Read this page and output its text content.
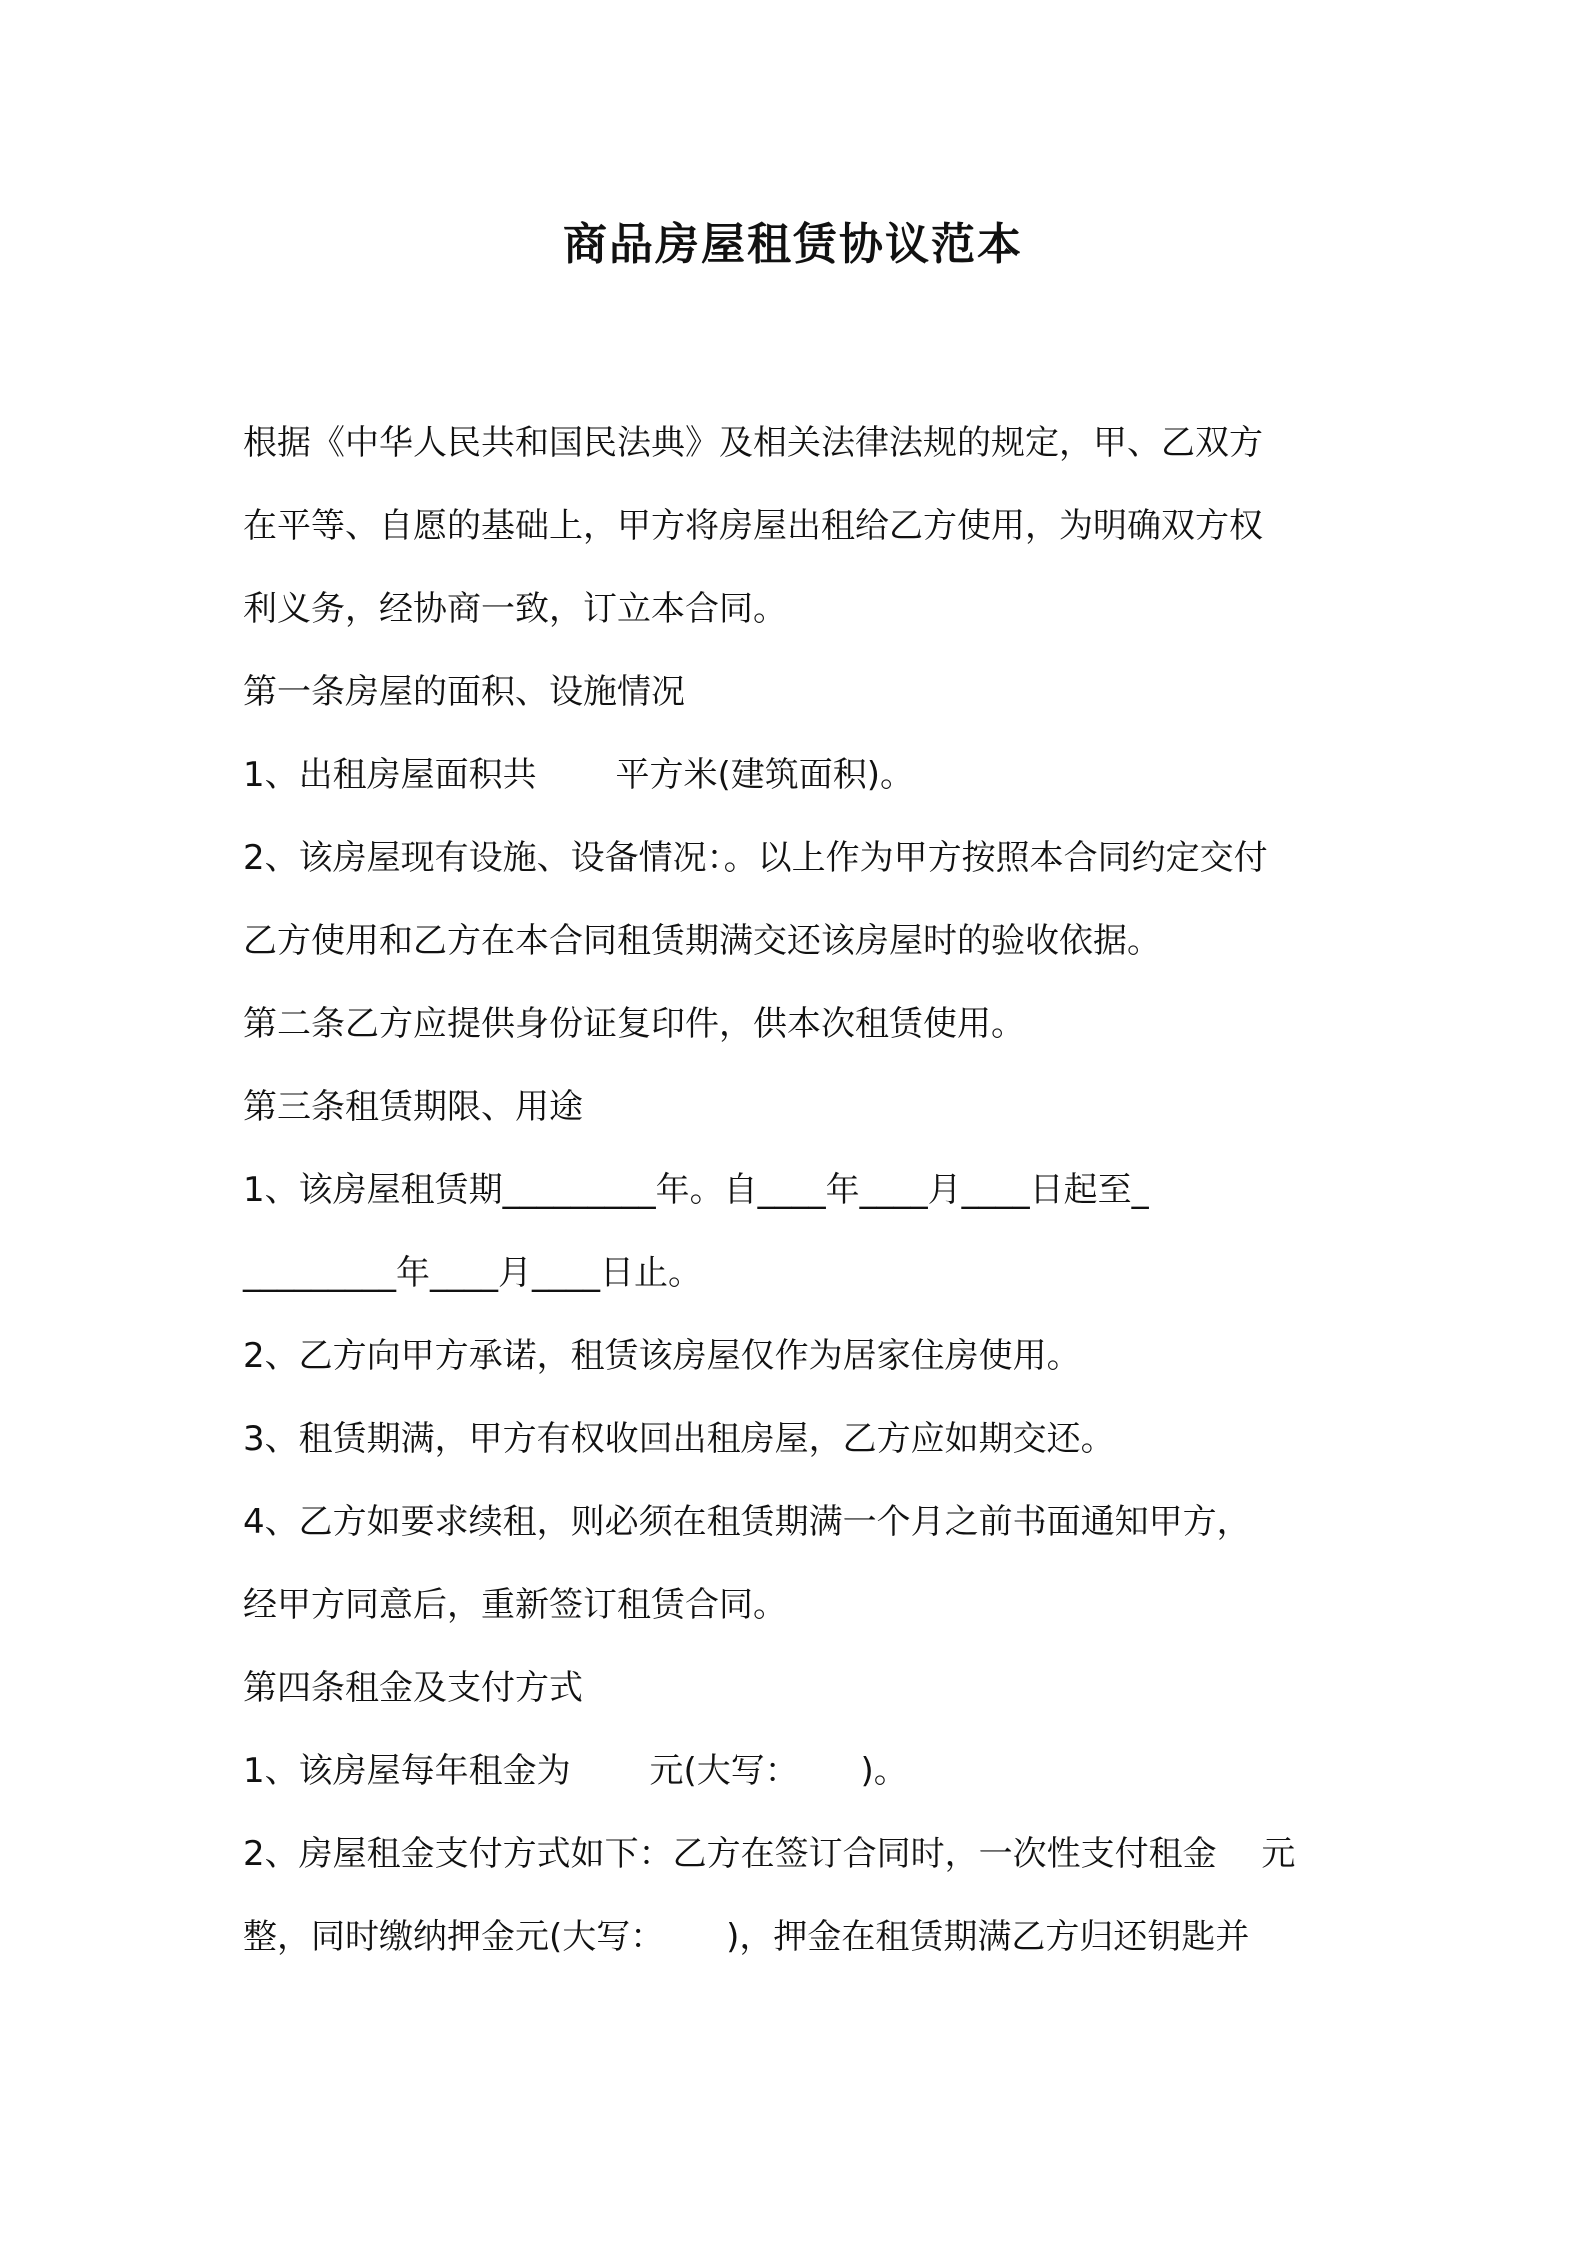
商品房屋租赁协议范本

根据《中华人民共和国民法典》及相关法律法规的规定，甲、乙双方

在平等、自愿的基础上，甲方将房屋出租给乙方使用，为明确双方权

利义务，经协商一致，订立本合同。

第一条房屋的面积、设施情况

1、出租房屋面积共　　 平方米(建筑面积)。

2、该房屋现有设施、设备情况：。以上作为甲方按照本合同约定交付

乙方使用和乙方在本合同租赁期满交还该房屋时的验收依据。

第二条乙方应提供身份证复印件，供本次租赁使用。

第三条租赁期限、用途

1、该房屋租赁期_________年。自____年____月____日起至_

_________年____月____日止。

2、乙方向甲方承诺，租赁该房屋仅作为居家住房使用。

3、租赁期满，甲方有权收回出租房屋，乙方应如期交还。

4、乙方如要求续租，则必须在租赁期满一个月之前书面通知甲方，

经甲方同意后，重新签订租赁合同。

第四条租金及支付方式

1、该房屋每年租金为　　 元(大写：　　 )。

2、房屋租金支付方式如下：乙方在签订合同时，一次性支付租金　 元

整，同时缴纳押金元(大写：　　 )，押金在租赁期满乙方归还钥匙并
